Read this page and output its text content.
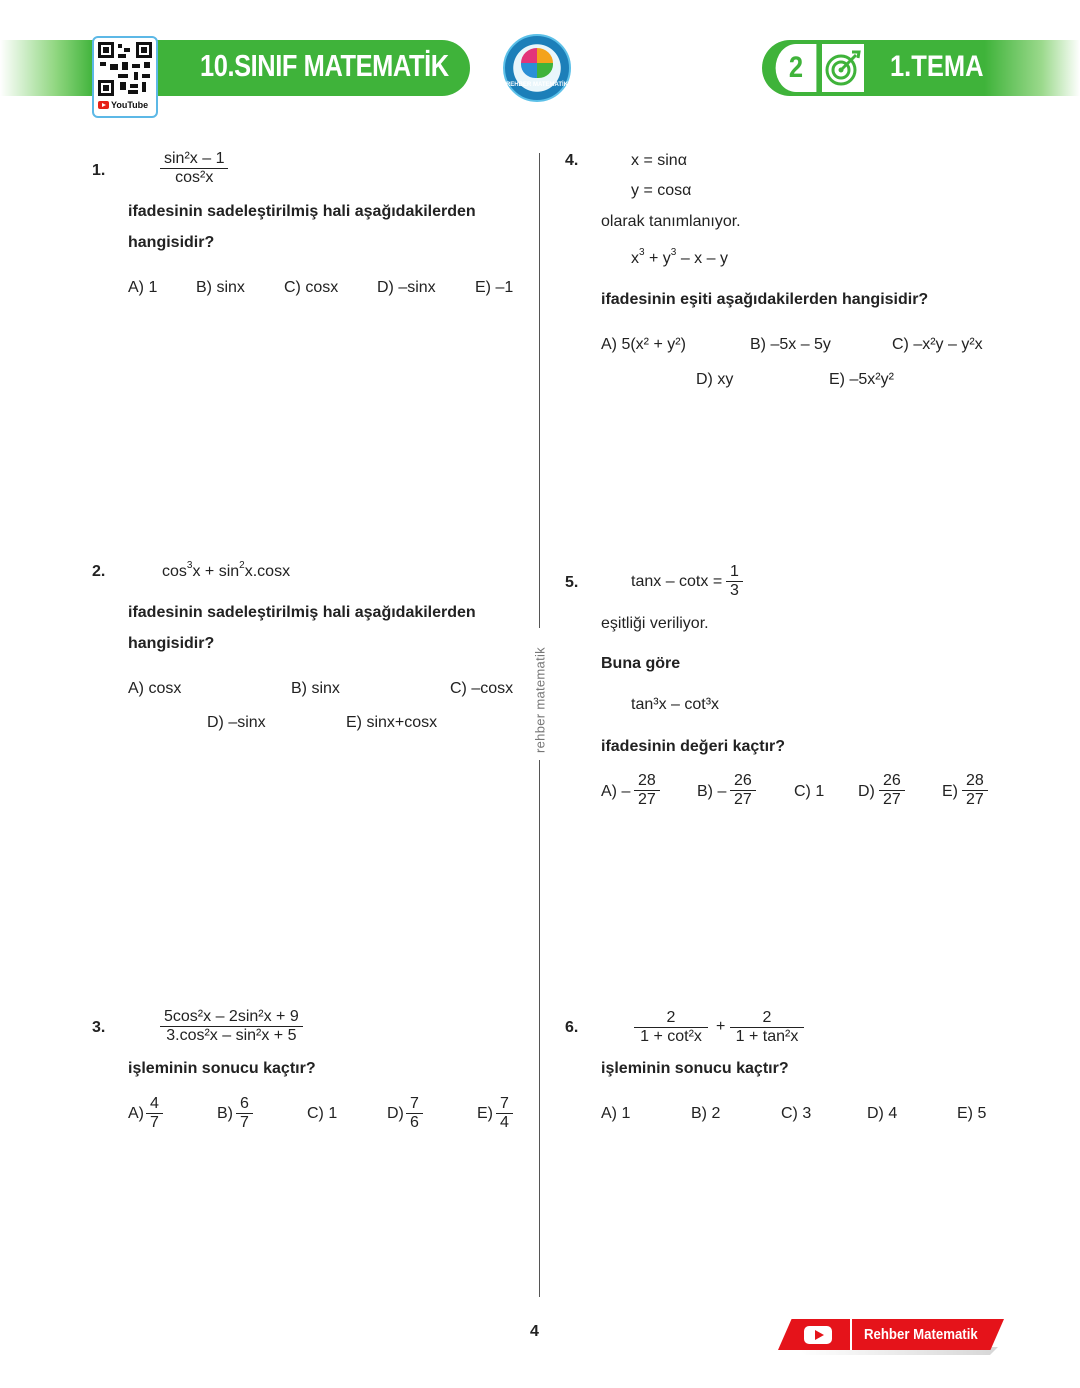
10.SINIF MATEMATİK
YouTube
REHBER MATEMATİK
2	1.TEMA
rehber matematik
1.	$\frac{\text{sin²x – 1}}{\text{cos²x}}$
ifadesinin sadeleştirilmiş hali aşağıdakilerden
hangisidir?
A) 1 B) sinx C) cosx D) –sinx E) –1
2.	$\cos^3x + \sin^2x.\cos x$
ifadesinin sadeleştirilmiş hali aşağıdakilerden
hangisidir?
A) cosx	B) sinx	C) –cosx
D) –sinx	E) sinx+cosx
3.	$\frac{\text{5cos²x – 2sin²x + 9}}{\text{3.cos²x – sin²x + 5}}$
işleminin sonucu kaçtır?
$A) \frac{4}{7}$	$B) \frac{6}{7}$	C) 1	$D) \frac{7}{6}$	$E) \frac{7}{4}$
4.	x = sinα
y = cosα
olarak tanımlanıyor.
$x^3 + y^3 - x - y$
ifadesinin eşiti aşağıdakilerden hangisidir?
A) 5(x² + y²)	B) –5x – 5y	C) –x²y – y²x
D) xy	E) –5x²y²
5.	$\tan x - \cot x = \frac{1}{3}$
eşitliği veriliyor.
Buna göre
tan³x – cot³x
ifadesinin değeri kaçtır?
$A) - \frac{28}{27} B) - \frac{26}{27} C$) 1 $D) \frac{26}{27} E) \frac{28}{27}$
6.	$\frac{2}{\text{1 + cot²x}} + \frac{2}{\text{1 + tan²x}}$
işleminin sonucu kaçtır?
A) 1	B) 2	C) 3	D) 4	E) 5
4	Rehber Matematik
